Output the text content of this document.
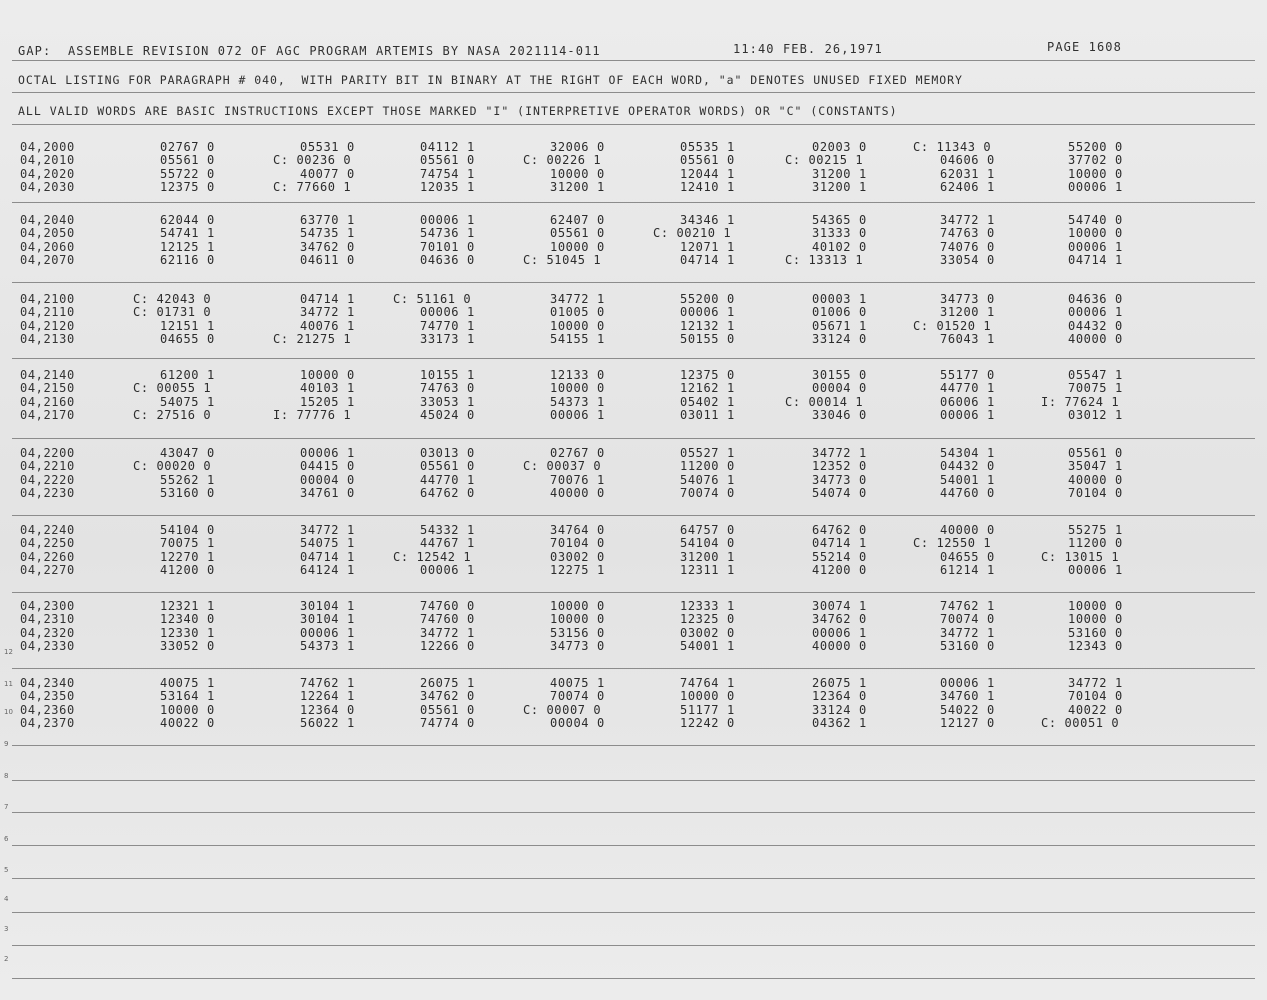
GAP:  ASSEMBLE REVISION 072 OF AGC PROGRAM ARTEMIS BY NASA 2021114-011	11:40 FEB. 26,1971	PAGE 1608
OCTAL LISTING FOR PARAGRAPH # 040,  WITH PARITY BIT IN BINARY AT THE RIGHT OF EACH WORD, "a" DENOTES UNUSED FIXED MEMORY
ALL VALID WORDS ARE BASIC INSTRUCTIONS EXCEPT THOSE MARKED "I" (INTERPRETIVE OPERATOR WORDS) OR "C" (CONSTANTS)
04,2000	02767 0	05531 0	04112 1	32006 0	05535 1	02003 0	C: 11343 0	55200 0
04,2010	05561 0	C: 00236 0	05561 0	C: 00226 1	05561 0	C: 00215 1	04606 0	37702 0
04,2020	55722 0	40077 0	74754 1	10000 0	12044 1	31200 1	62031 1	10000 0
04,2030	12375 0	C: 77660 1	12035 1	31200 1	12410 1	31200 1	62406 1	00006 1
04,2040	62044 0	63770 1	00006 1	62407 0	34346 1	54365 0	34772 1	54740 0
04,2050	54741 1	54735 1	54736 1	05561 0	C: 00210 1	31333 0	74763 0	10000 0
04,2060	12125 1	34762 0	70101 0	10000 0	12071 1	40102 0	74076 0	00006 1
04,2070	62116 0	04611 0	04636 0	C: 51045 1	04714 1	C: 13313 1	33054 0	04714 1
04,2100	C: 42043 0	04714 1	C: 51161 0	34772 1	55200 0	00003 1	34773 0	04636 0
04,2110	C: 01731 0	34772 1	00006 1	01005 0	00006 1	01006 0	31200 1	00006 1
04,2120	12151 1	40076 1	74770 1	10000 0	12132 1	05671 1	C: 01520 1	04432 0
04,2130	04655 0	C: 21275 1	33173 1	54155 1	50155 0	33124 0	76043 1	40000 0
04,2140	61200 1	10000 0	10155 1	12133 0	12375 0	30155 0	55177 0	05547 1
04,2150	C: 00055 1	40103 1	74763 0	10000 0	12162 1	00004 0	44770 1	70075 1
04,2160	54075 1	15205 1	33053 1	54373 1	05402 1	C: 00014 1	06006 1	I: 77624 1
04,2170	C: 27516 0	I: 77776 1	45024 0	00006 1	03011 1	33046 0	00006 1	03012 1
04,2200	43047 0	00006 1	03013 0	02767 0	05527 1	34772 1	54304 1	05561 0
04,2210	C: 00020 0	04415 0	05561 0	C: 00037 0	11200 0	12352 0	04432 0	35047 1
04,2220	55262 1	00004 0	44770 1	70076 1	54076 1	34773 0	54001 1	40000 0
04,2230	53160 0	34761 0	64762 0	40000 0	70074 0	54074 0	44760 0	70104 0
04,2240	54104 0	34772 1	54332 1	34764 0	64757 0	64762 0	40000 0	55275 1
04,2250	70075 1	54075 1	44767 1	70104 0	54104 0	04714 1	C: 12550 1	11200 0
04,2260	12270 1	04714 1	C: 12542 1	03002 0	31200 1	55214 0	04655 0	C: 13015 1
04,2270	41200 0	64124 1	00006 1	12275 1	12311 1	41200 0	61214 1	00006 1
04,2300	12321 1	30104 1	74760 0	10000 0	12333 1	30074 1	74762 1	10000 0
04,2310	12340 0	30104 1	74760 0	10000 0	12325 0	34762 0	70074 0	10000 0
04,2320	12330 1	00006 1	34772 1	53156 0	03002 0	00006 1	34772 1	53160 0
04,2330	33052 0	54373 1	12266 0	34773 0	54001 1	40000 0	53160 0	12343 0
04,2340	40075 1	74762 1	26075 1	40075 1	74764 1	26075 1	00006 1	34772 1
04,2350	53164 1	12264 1	34762 0	70074 0	10000 0	12364 0	34760 1	70104 0
04,2360	10000 0	12364 0	05561 0	C: 00007 0	51177 1	33124 0	54022 0	40022 0
04,2370	40022 0	56022 1	74774 0	00004 0	12242 0	04362 1	12127 0	C: 00051 0
12
11
10
9
8
7
6
5
4
3
2
